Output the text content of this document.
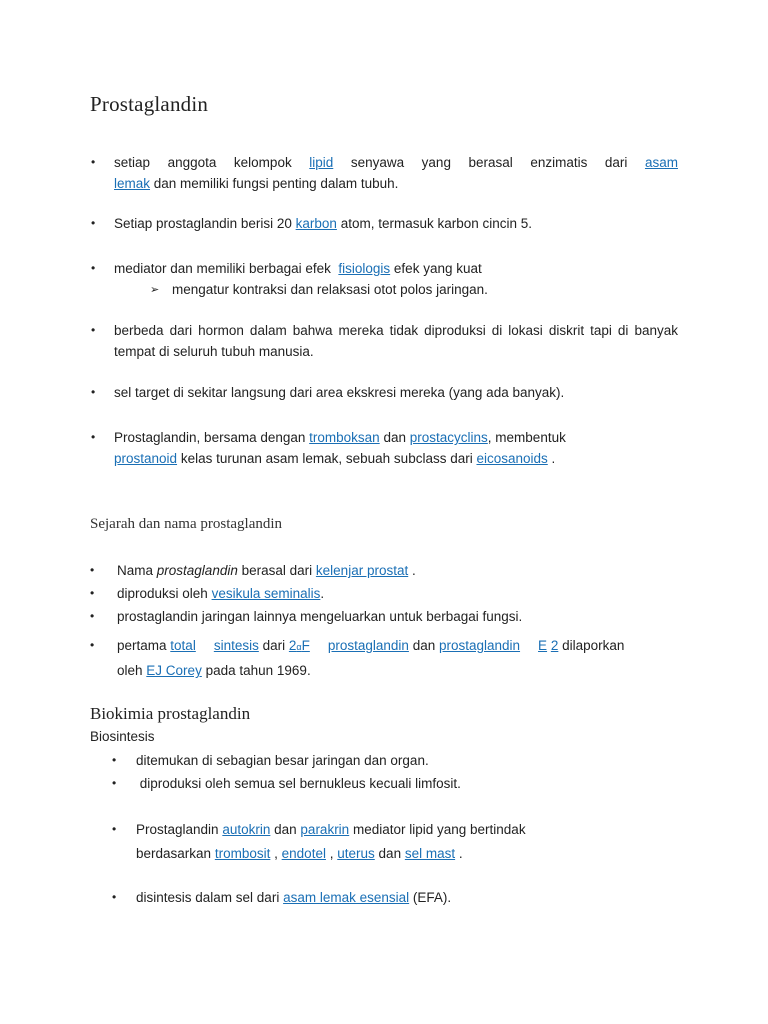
Prostaglandin
• setiap anggota kelompok lipid senyawa yang berasal enzimatis dari asam
lemak dan memiliki fungsi penting dalam tubuh.
• Setiap prostaglandin berisi 20 karbon atom, termasuk karbon cincin 5.
• mediator dan memiliki berbagai efek fisiologis efek yang kuat
➢ mengatur kontraksi dan relaksasi otot polos jaringan.
• berbeda dari hormon dalam bahwa mereka tidak diproduksi di lokasi diskrit tapi di banyak tempat di seluruh tubuh manusia.
• sel target di sekitar langsung dari area ekskresi mereka (yang ada banyak).
• Prostaglandin, bersama dengan tromboksan dan prostacyclins, membentuk
prostanoid kelas turunan asam lemak, sebuah subclass dari eicosanoids .
Sejarah dan nama prostaglandin
• Nama prostaglandin berasal dari kelenjar prostat .
• diproduksi oleh vesikula seminalis.
• prostaglandin jaringan lainnya mengeluarkan untuk berbagai fungsi.
• pertama total sintesis dari 2αF prostaglandin dan prostaglandin E 2 dilaporkan
oleh EJ Corey pada tahun 1969.
Biokimia prostaglandin
Biosintesis
• ditemukan di sebagian besar jaringan dan organ.
• diproduksi oleh semua sel bernukleus kecuali limfosit.
• Prostaglandin autokrin dan parakrin mediator lipid yang bertindak
berdasarkan trombosit , endotel , uterus dan sel mast .
• disintesis dalam sel dari asam lemak esensial (EFA).
